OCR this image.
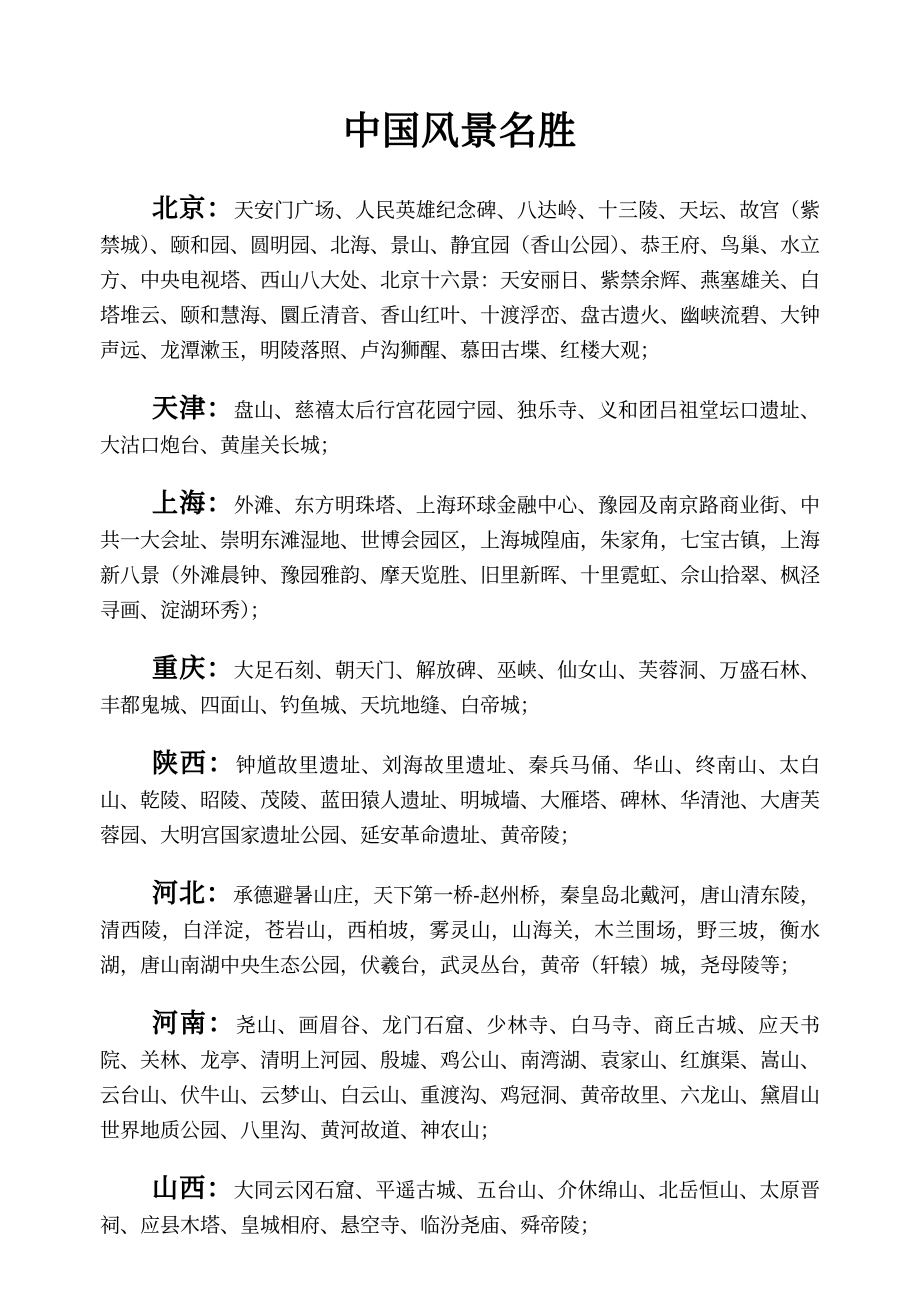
中国风景名胜

北京：天安门广场、人民英雄纪念碑、八达岭、十三陵、天坛、故宫（紫禁城）、颐和园、圆明园、北海、景山、静宜园（香山公园）、恭王府、鸟巢、水立方、中央电视塔、西山八大处、北京十六景：天安丽日、紫禁余辉、燕塞雄关、白塔堆云、颐和慧海、圜丘清音、香山红叶、十渡浮峦、盘古遗火、幽峡流碧、大钟声远、龙潭漱玉，明陵落照、卢沟狮醒、慕田古堞、红楼大观；

天津：盘山、慈禧太后行宫花园宁园、独乐寺、义和团吕祖堂坛口遗址、大沽口炮台、黄崖关长城；

上海：外滩、东方明珠塔、上海环球金融中心、豫园及南京路商业街、中共一大会址、崇明东滩湿地、世博会园区，上海城隍庙，朱家角，七宝古镇，上海新八景（外滩晨钟、豫园雅韵、摩天览胜、旧里新晖、十里霓虹、佘山拾翠、枫泾寻画、淀湖环秀）；

重庆：大足石刻、朝天门、解放碑、巫峡、仙女山、芙蓉洞、万盛石林、丰都鬼城、四面山、钓鱼城、天坑地缝、白帝城；

陕西：钟馗故里遗址、刘海故里遗址、秦兵马俑、华山、终南山、太白山、乾陵、昭陵、茂陵、蓝田猿人遗址、明城墙、大雁塔、碑林、华清池、大唐芙蓉园、大明宫国家遗址公园、延安革命遗址、黄帝陵；

河北：承德避暑山庄，天下第一桥-赵州桥，秦皇岛北戴河，唐山清东陵，清西陵，白洋淀，苍岩山，西柏坡，雾灵山，山海关，木兰围场，野三坡，衡水湖，唐山南湖中央生态公园，伏羲台，武灵丛台，黄帝（轩辕）城，尧母陵等；

河南：尧山、画眉谷、龙门石窟、少林寺、白马寺、商丘古城、应天书院、关林、龙亭、清明上河园、殷墟、鸡公山、南湾湖、袁家山、红旗渠、嵩山、云台山、伏牛山、云梦山、白云山、重渡沟、鸡冠洞、黄帝故里、六龙山、黛眉山世界地质公园、八里沟、黄河故道、神农山；

山西：大同云冈石窟、平遥古城、五台山、介休绵山、北岳恒山、太原晋祠、应县木塔、皇城相府、悬空寺、临汾尧庙、舜帝陵；
